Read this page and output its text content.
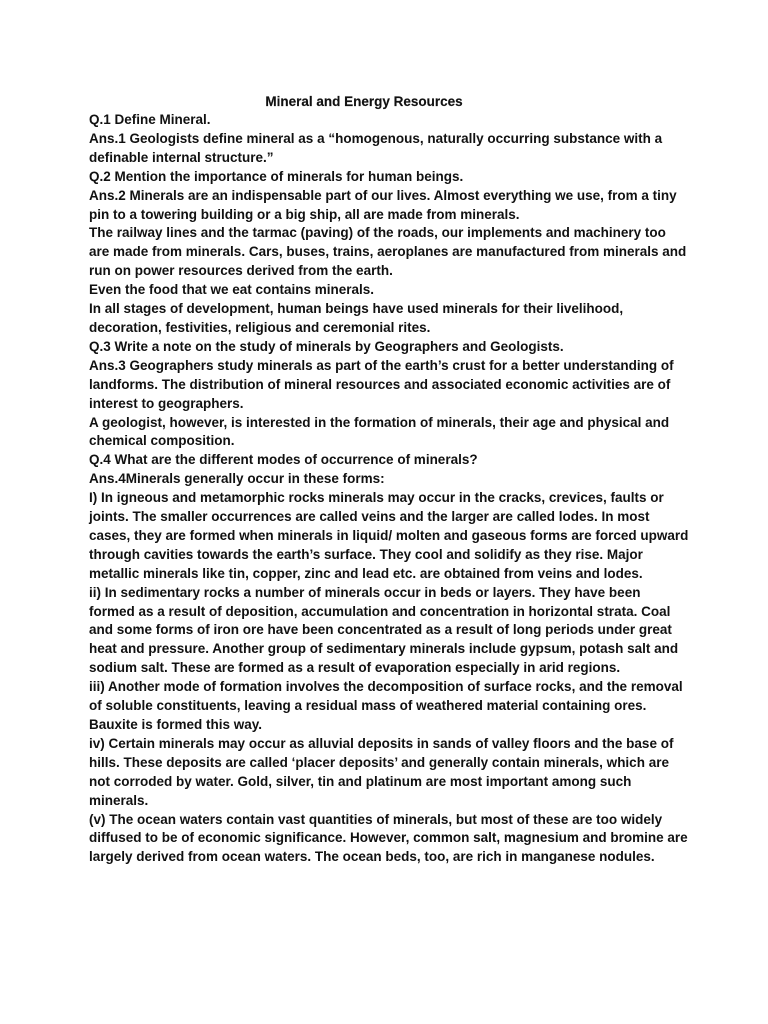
Mineral and Energy Resources

Q.1 Define Mineral.

Ans.1 Geologists define mineral as a “homogenous, naturally occurring substance with a definable internal structure.”

Q.2 Mention the importance of minerals for human beings.

Ans.2 Minerals are an indispensable part of our lives. Almost everything we use, from a tiny pin to a towering building or a big ship, all are made from minerals.

The railway lines and the tarmac (paving) of the roads, our implements and machinery too are made from minerals. Cars, buses, trains, aeroplanes are manufactured from minerals and run on power resources derived from the earth.

Even the food that we eat contains minerals.

In all stages of development, human beings have used minerals for their livelihood, decoration, festivities, religious and ceremonial rites.

Q.3 Write a note on the study of minerals by Geographers and Geologists.

Ans.3 Geographers study minerals as part of the earth’s crust for a better understanding of landforms. The distribution of mineral resources and associated economic activities are of interest to geographers.

A geologist, however, is interested in the formation of minerals, their age and physical and chemical composition.

Q.4 What are the different modes of occurrence of minerals?

Ans.4Minerals generally occur in these forms:

I) In igneous and metamorphic rocks minerals may occur in the cracks, crevices, faults or joints. The smaller occurrences are called veins and the larger are called lodes. In most cases, they are formed when minerals in liquid/ molten and gaseous forms are forced upward through cavities towards the earth’s surface. They cool and solidify as they rise. Major metallic minerals like tin, copper, zinc and lead etc. are obtained from veins and lodes.

ii) In sedimentary rocks a number of minerals occur in beds or layers. They have been formed as a result of deposition, accumulation and concentration in horizontal strata. Coal and some forms of iron ore have been concentrated as a result of long periods under great heat and pressure. Another group of sedimentary minerals include gypsum, potash salt and sodium salt. These are formed as a result of evaporation especially in arid regions.

iii) Another mode of formation involves the decomposition of surface rocks, and the removal of soluble constituents, leaving a residual mass of weathered material containing ores. Bauxite is formed this way.

iv) Certain minerals may occur as alluvial deposits in sands of valley floors and the base of hills. These deposits are called ‘placer deposits’ and generally contain minerals, which are not corroded by water. Gold, silver, tin and platinum are most important among such minerals.

(v) The ocean waters contain vast quantities of minerals, but most of these are too widely diffused to be of economic significance. However, common salt, magnesium and bromine are largely derived from ocean waters. The ocean beds, too, are rich in manganese nodules.
